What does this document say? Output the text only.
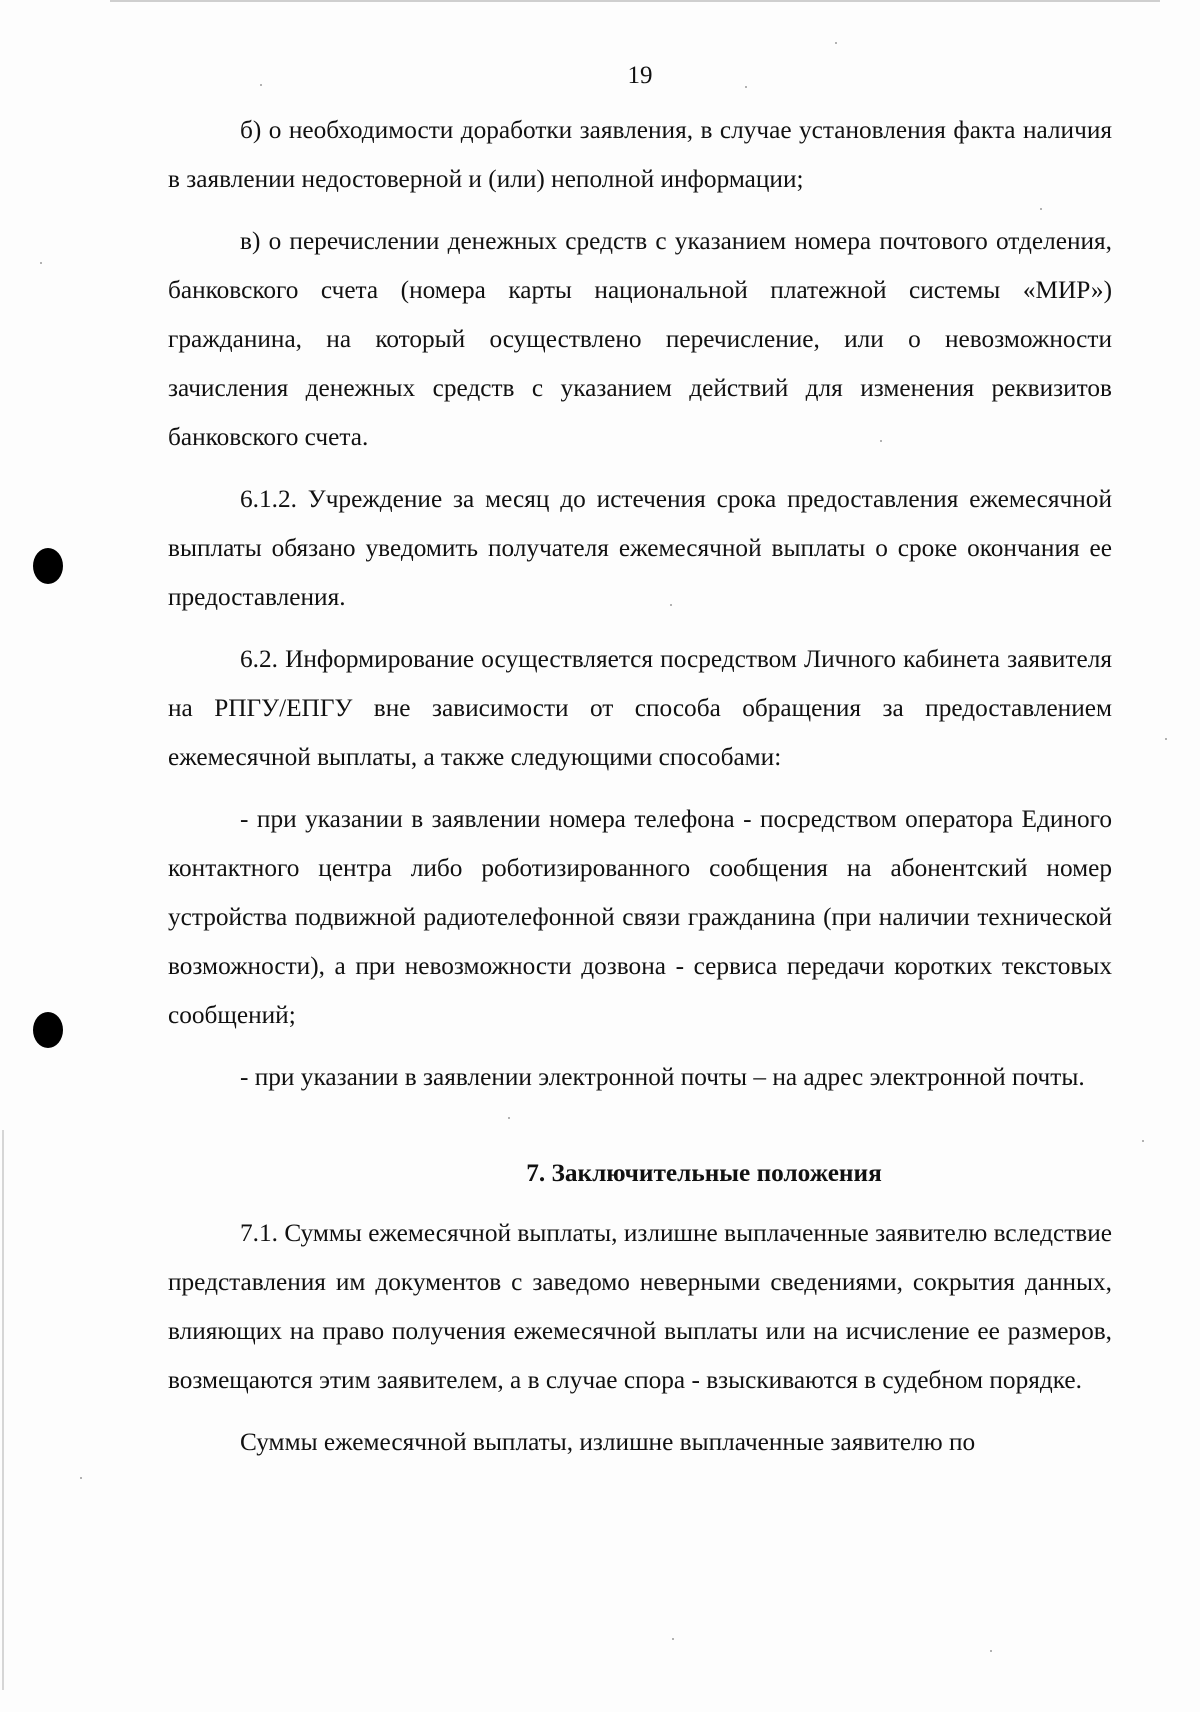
19

б) о необходимости доработки заявления, в случае установления факта наличия в заявлении недостоверной и (или) неполной информации;

в) о перечислении денежных средств с указанием номера почтового отделения, банковского счета (номера карты национальной платежной системы «МИР») гражданина, на который осуществлено перечисление, или о невозможности зачисления денежных средств с указанием действий для изменения реквизитов банковского счета.

6.1.2. Учреждение за месяц до истечения срока предоставления ежемесячной выплаты обязано уведомить получателя ежемесячной выплаты о сроке окончания ее предоставления.

6.2. Информирование осуществляется посредством Личного кабинета заявителя на РПГУ/ЕПГУ вне зависимости от способа обращения за предоставлением ежемесячной выплаты, а также следующими способами:

- при указании в заявлении номера телефона - посредством оператора Единого контактного центра либо роботизированного сообщения на абонентский номер устройства подвижной радиотелефонной связи гражданина (при наличии технической возможности), а при невозможности дозвона - сервиса передачи коротких текстовых сообщений;

- при указании в заявлении электронной почты – на адрес электронной почты.

7. Заключительные положения

7.1. Суммы ежемесячной выплаты, излишне выплаченные заявителю вследствие представления им документов с заведомо неверными сведениями, сокрытия данных, влияющих на право получения ежемесячной выплаты или на исчисление ее размеров, возмещаются этим заявителем, а в случае спора - взыскиваются в судебном порядке.

Суммы ежемесячной выплаты, излишне выплаченные заявителю по
